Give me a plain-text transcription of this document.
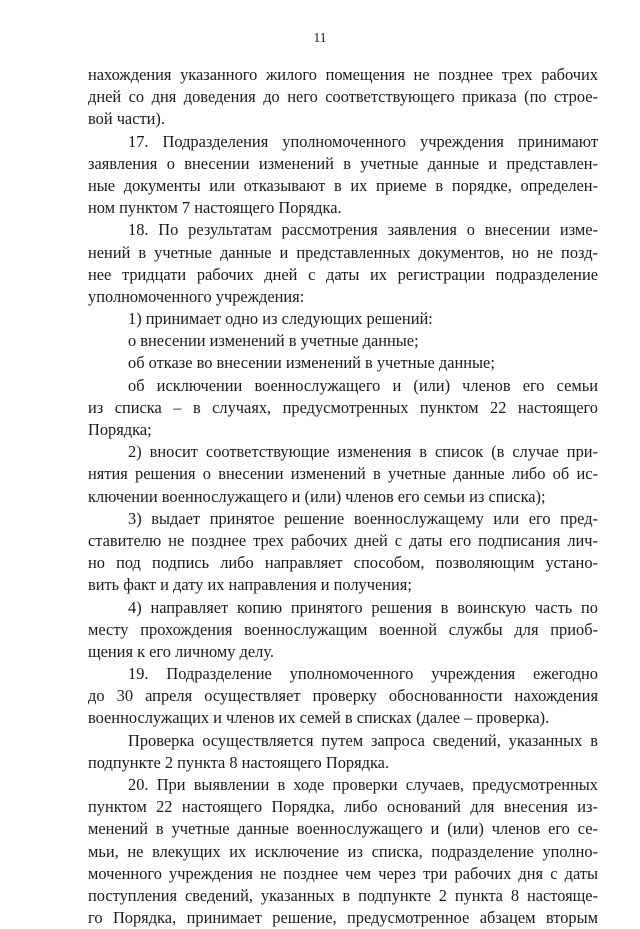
11
нахождения указанного жилого помещения не позднее трех рабочих
дней со дня доведения до него соответствующего приказа (по строе-
вой части).
17. Подразделения уполномоченного учреждения принимают
заявления о внесении изменений в учетные данные и представлен-
ные документы или отказывают в их приеме в порядке, определен-
ном пунктом 7 настоящего Порядка.
18. По результатам рассмотрения заявления о внесении изме-
нений в учетные данные и представленных документов, но не позд-
нее тридцати рабочих дней с даты их регистрации подразделение
уполномоченного учреждения:
1) принимает одно из следующих решений:
о внесении изменений в учетные данные;
об отказе во внесении изменений в учетные данные;
об исключении военнослужащего и (или) членов его семьи
из списка – в случаях, предусмотренных пунктом 22 настоящего
Порядка;
2) вносит соответствующие изменения в список (в случае при-
нятия решения о внесении изменений в учетные данные либо об ис-
ключении военнослужащего и (или) членов его семьи из списка);
3) выдает принятое решение военнослужащему или его пред-
ставителю не позднее трех рабочих дней с даты его подписания лич-
но под подпись либо направляет способом, позволяющим устано-
вить факт и дату их направления и получения;
4) направляет копию принятого решения в воинскую часть по
месту прохождения военнослужащим военной службы для приоб-
щения к его личному делу.
19. Подразделение уполномоченного учреждения ежегодно
до 30 апреля осуществляет проверку обоснованности нахождения
военнослужащих и членов их семей в списках (далее – проверка).
Проверка осуществляется путем запроса сведений, указанных в
подпункте 2 пункта 8 настоящего Порядка.
20. При выявлении в ходе проверки случаев, предусмотренных
пунктом 22 настоящего Порядка, либо оснований для внесения из-
менений в учетные данные военнослужащего и (или) членов его се-
мьи, не влекущих их исключение из списка, подразделение уполно-
моченного учреждения не позднее чем через три рабочих дня с даты
поступления сведений, указанных в подпункте 2 пункта 8 настояще-
го Порядка, принимает решение, предусмотренное абзацем вторым
